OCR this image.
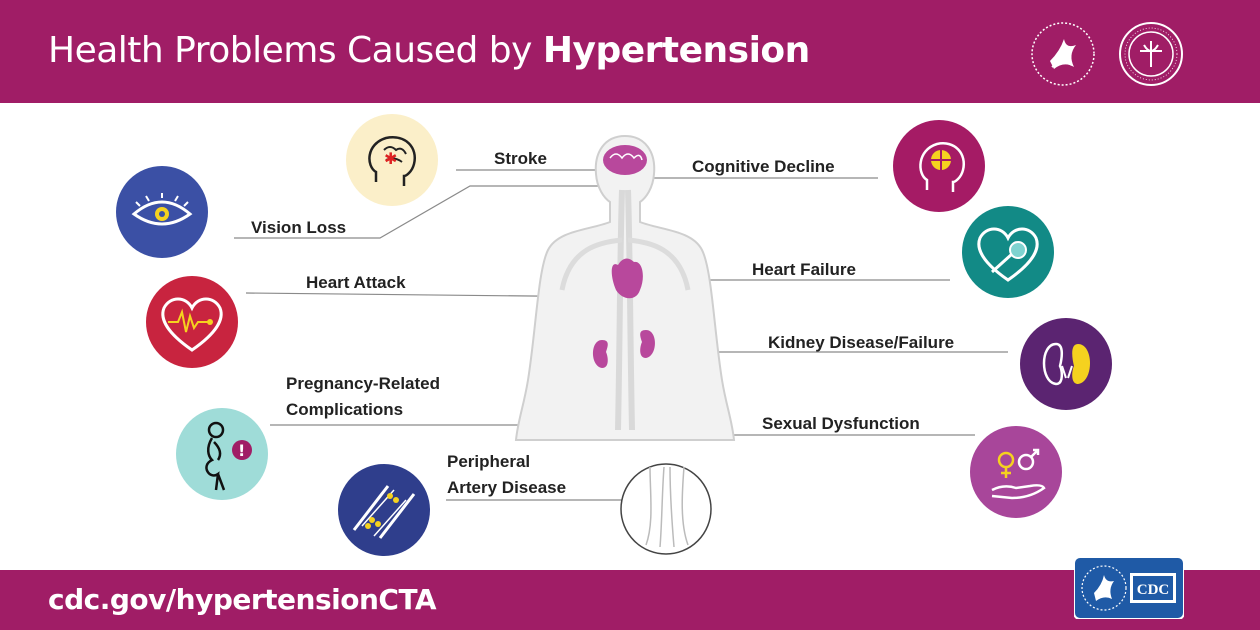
Health Problems Caused by Hypertension
✱
!
Stroke
Vision Loss
Heart Attack
Pregnancy-Related
Complications
Peripheral
Artery Disease
Cognitive Decline
Heart Failure
Kidney Disease/Failure
Sexual Dysfunction
cdc.gov/hypertensionCTA	CDC
